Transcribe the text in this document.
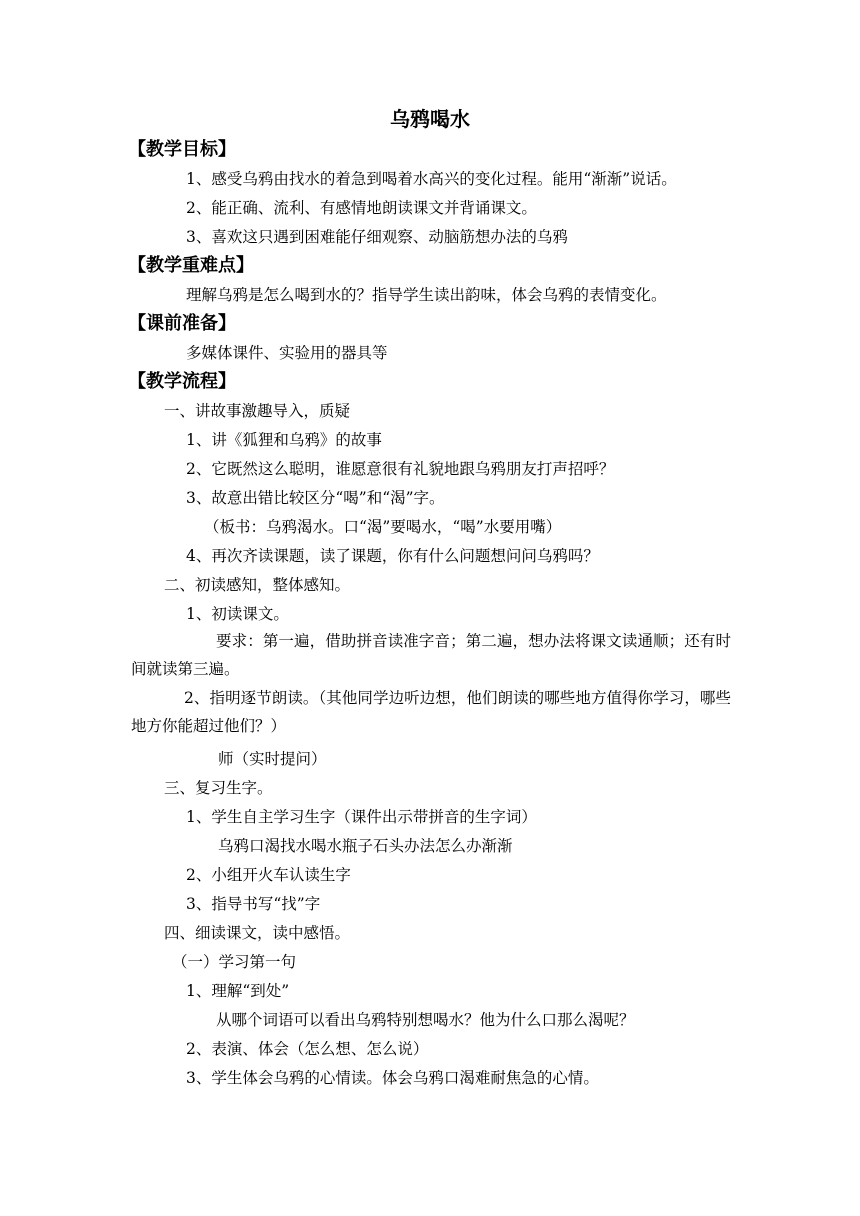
乌鸦喝水
【教学目标】

1、感受乌鸦由找水的着急到喝着水高兴的变化过程。能用“渐渐”说话。

2、能正确、流利、有感情地朗读课文并背诵课文。

3、喜欢这只遇到困难能仔细观察、动脑筋想办法的乌鸦

【教学重难点】

理解乌鸦是怎么喝到水的？指导学生读出韵味，体会乌鸦的表情变化。

【课前准备】

多媒体课件、实验用的器具等

【教学流程】

一、讲故事激趣导入，质疑

1、讲《狐狸和乌鸦》的故事

2、它既然这么聪明，谁愿意很有礼貌地跟乌鸦朋友打声招呼？

3、故意出错比较区分“喝”和“渴”字。

（板书：乌鸦渴水。口“渴”要喝水，“喝”水要用嘴）

4、再次齐读课题，读了课题，你有什么问题想问问乌鸦吗？

二、初读感知，整体感知。

1、初读课文。

要求：第一遍，借助拼音读准字音；第二遍，想办法将课文读通顺；还有时间就读第三遍。

2、指明逐节朗读。（其他同学边听边想，他们朗读的哪些地方值得你学习，哪些地方你能超过他们？）

师（实时提问）

三、复习生字。

1、学生自主学习生字（课件出示带拼音的生字词）

乌鸦口渴找水喝水瓶子石头办法怎么办渐渐

2、小组开火车认读生字

3、指导书写“找”字

四、细读课文，读中感悟。

（一）学习第一句

1、理解“到处”

从哪个词语可以看出乌鸦特别想喝水？他为什么口那么渴呢？

2、表演、体会（怎么想、怎么说）

3、学生体会乌鸦的心情读。体会乌鸦口渴难耐焦急的心情。
